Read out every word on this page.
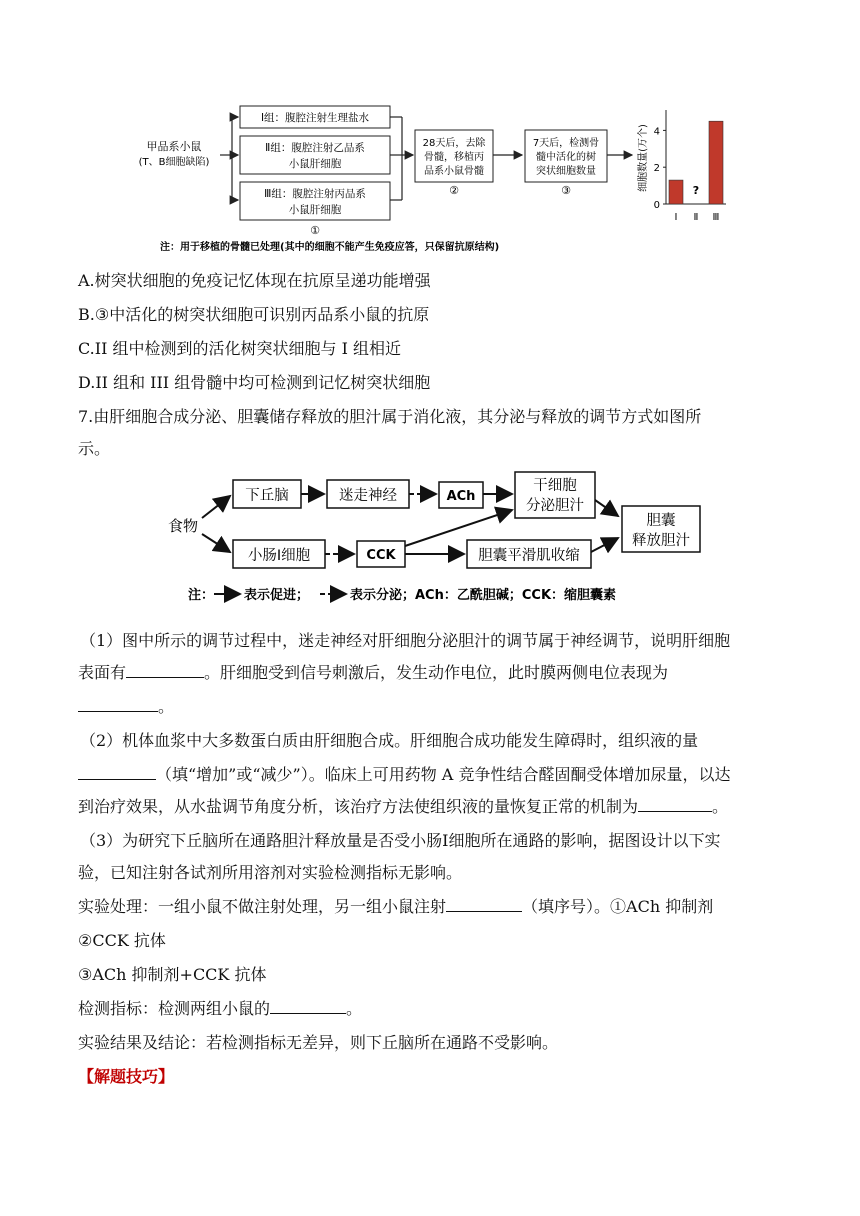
甲品系小鼠
(T、B细胞缺陷)
Ⅰ组：腹腔注射生理盐水
Ⅱ组：腹腔注射乙品系
小鼠肝细胞
Ⅲ组：腹腔注射丙品系
小鼠肝细胞
①
28天后，去除
骨髓，移植丙
品系小鼠骨髓
②
7天后，检测骨
髓中活化的树
突状细胞数量
③
注：用于移植的骨髓已处理(其中的细胞不能产生免疫应答，只保留抗原结构)
细胞数量(万个)
0
2
4
Ⅰ
?
Ⅱ Ⅲ
A.树突状细胞的免疫记忆体现在抗原呈递功能增强
B.③中活化的树突状细胞可识别丙品系小鼠的抗原
C.II 组中检测到的活化树突状细胞与 I 组相近
D.II 组和 III 组骨髓中均可检测到记忆树突状细胞
7.由肝细胞合成分泌、胆囊储存释放的胆汁属于消化液，其分泌与释放的调节方式如图所
示。
食物
下丘脑	迷走神经	ACh
干细胞
分泌胆汁
胆囊
释放胆汁
小肠Ⅰ细胞	CCK	胆囊平滑肌收缩
注： 表示促进；	表示分泌；ACh：乙酰胆碱；CCK：缩胆囊素
（1）图中所示的调节过程中，迷走神经对肝细胞分泌胆汁的调节属于神经调节，说明肝细胞
表面有	。肝细胞受到信号刺激后，发生动作电位，此时膜两侧电位表现为
。
（2）机体血浆中大多数蛋白质由肝细胞合成。肝细胞合成功能发生障碍时，组织液的量
（填“增加”或“减少”）。临床上可用药物 A 竞争性结合醛固酮受体增加尿量，以达
到治疗效果，从水盐调节角度分析，该治疗方法使组织液的量恢复正常的机制为	。
（3）为研究下丘脑所在通路胆汁释放量是否受小肠Ⅰ细胞所在通路的影响，据图设计以下实
验，已知注射各试剂所用溶剂对实验检测指标无影响。
实验处理：一组小鼠不做注射处理，另一组小鼠注射	（填序号）。①ACh 抑制剂
②CCK 抗体
③ACh 抑制剂+CCK 抗体
检测指标：检测两组小鼠的	。
实验结果及结论：若检测指标无差异，则下丘脑所在通路不受影响。
【解题技巧】
